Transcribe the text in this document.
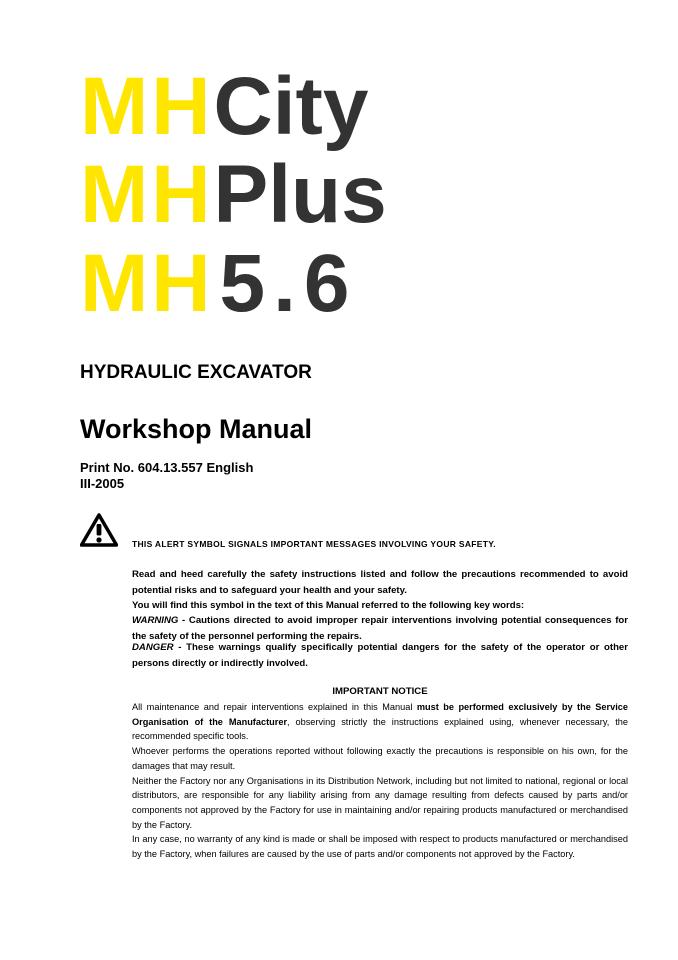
MHCity
MHPlus
MH5.6
HYDRAULIC EXCAVATOR
Workshop Manual
Print No. 604.13.557 English
III-2005
THIS ALERT SYMBOL SIGNALS IMPORTANT MESSAGES INVOLVING YOUR SAFETY.

Read and heed carefully the safety instructions listed and follow the precautions recommended to avoid potential risks and to safeguard your health and your safety.

You will find this symbol in the text of this Manual referred to the following key words:

WARNING - Cautions directed to avoid improper repair interventions involving potential consequences for the safety of the personnel performing the repairs.

DANGER - These warnings qualify specifically potential dangers for the safety of the operator or other persons directly or indirectly involved.

IMPORTANT NOTICE

All maintenance and repair interventions explained in this Manual must be performed exclusively by the Service Organisation of the Manufacturer, observing strictly the instructions explained using, whenever necessary, the recommended specific tools.

Whoever performs the operations reported without following exactly the precautions is responsible on his own, for the damages that may result.

Neither the Factory nor any Organisations in its Distribution Network, including but not limited to national, regional or local distributors, are responsible for any liability arising from any damage resulting from defects caused by parts and/or components not approved by the Factory for use in maintaining and/or repairing products manufactured or merchandised by the Factory.

In any case, no warranty of any kind is made or shall be imposed with respect to products manufactured or merchandised by the Factory, when failures are caused by the use of parts and/or components not approved by the Factory.
